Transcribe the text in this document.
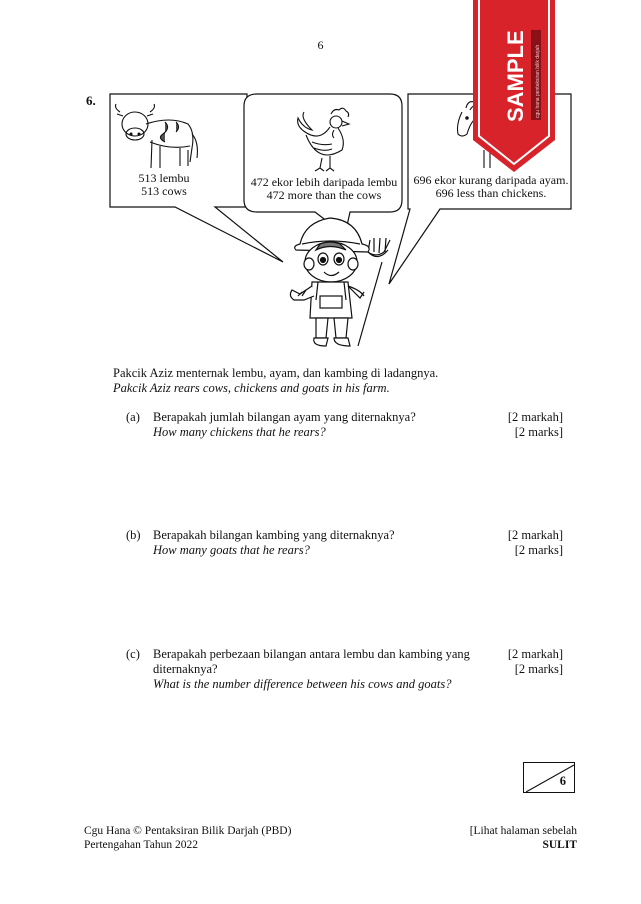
6
6.
513 lembu
513 cows
472 ekor lebih daripada lembu
472 more than the cows
696 ekor kurang daripada ayam.
696 less than chickens.
SAMPLE cgu hana pentaksiran bilik darjah
Pakcik Aziz menternak lembu, ayam, dan kambing di ladangnya.
Pakcik Aziz rears cows, chickens and goats in his farm.
(a) Berapakah jumlah bilangan ayam yang diternaknya?
How many chickens that he rears?
[2 markah]
[2 marks]
(b) Berapakah bilangan kambing yang diternaknya?
How many goats that he rears?
[2 markah]
[2 marks]
(c) Berapakah perbezaan bilangan antara lembu dan kambing yang
diternaknya?
What is the number difference between his cows and goats?
[2 markah]
[2 marks]
6
Cgu Hana © Pentaksiran Bilik Darjah (PBD)
Pertengahan Tahun 2022
[Lihat halaman sebelah
SULIT
